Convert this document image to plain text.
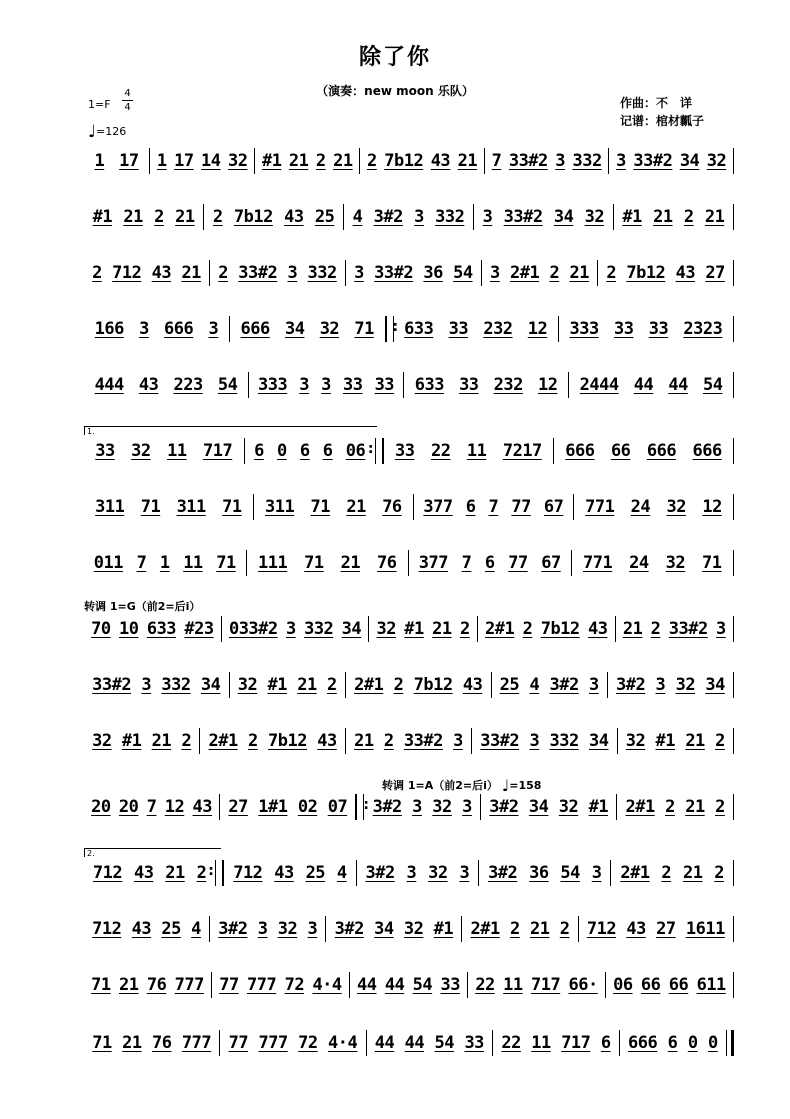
除了你
（演奏：new moon 乐队）
作曲：不　详
记谱：棺材瓤子
1=F
4
4
♩=126
1.
转调 1=G（前2=后i）
转调 1=A（前2=后i） ♩=158
2.
1 17 1 17 14 32 #1 21 2 21 2 7b12 43 21 7 33#2 3 332 3 33#2 34 32
#1 21 2 21 2 7b12 43 25 4 3#2 3 332 3 33#2 34 32 #1 21 2 21
2 712 43 21 2 33#2 3 332 3 33#2 36 54 3 2#1 2 21 2 7b12 43 27
166 3 666 3 666 34 32 71 : 633 33 232 12 333 33 33 2323
444 43 223 54 333 3 3 33 33 633 33 232 12 2444 44 44 54
33 32 11 717 6 0 6 6 06 : 33 22 11 7217 666 66 666 666
311 71 311 71 311 71 21 76 377 6 7 77 67 771 24 32 12
011 7 1 11 71 111 71 21 76 377 7 6 77 67 771 24 32 71
70 10 633 #23 033#2 3 332 34 32 #1 21 2 2#1 2 7b12 43 21 2 33#2 3
33#2 3 332 34 32 #1 21 2 2#1 2 7b12 43 25 4 3#2 3 3#2 3 32 34
32 #1 21 2 2#1 2 7b12 43 21 2 33#2 3 33#2 3 332 34 32 #1 21 2
20 20 7 12 43 27 1#1 02 07 : 3#2 3 32 3 3#2 34 32 #1 2#1 2 21 2
712 43 21 2 : 712 43 25 4 3#2 3 32 3 3#2 36 54 3 2#1 2 21 2
712 43 25 4 3#2 3 32 3 3#2 34 32 #1 2#1 2 21 2 712 43 27 1611
71 21 76 777 77 777 72 4·4 44 44 54 33 22 11 717 66· 06 66 66 611
71 21 76 777 77 777 72 4·4 44 44 54 33 22 11 717 6 666 6 0 0
